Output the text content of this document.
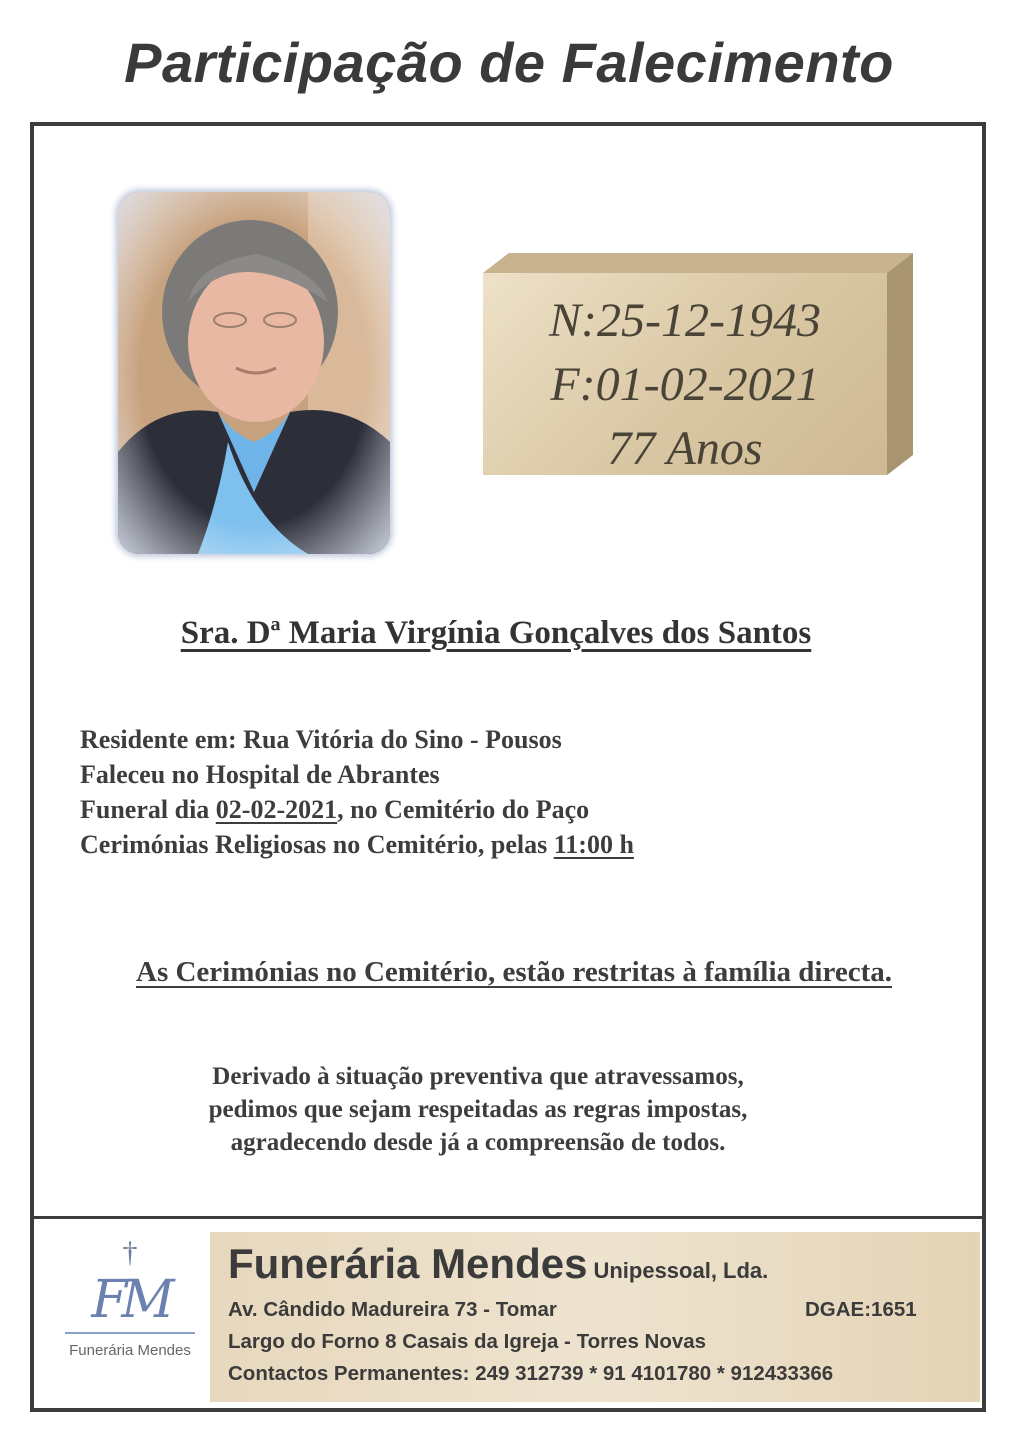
Participação de Falecimento
N:25-12-1943
F:01-02-2021
77 Anos
Sra. Dª Maria Virgínia Gonçalves dos Santos
Residente em: Rua Vitória do Sino - Pousos
Faleceu no Hospital de Abrantes
Funeral dia 02-02-2021, no Cemitério do Paço
Cerimónias Religiosas no Cemitério, pelas 11:00 h
As Cerimónias no Cemitério, estão restritas à família directa.
Derivado à situação preventiva que atravessamos,
pedimos que sejam respeitadas as regras impostas,
agradecendo desde já a compreensão de todos.
†
FM
Funerária Mendes
Funerária Mendes Unipessoal, Lda.
Av. Cândido Madureira 73 - Tomar	DGAE:1651
Largo do Forno 8 Casais da Igreja - Torres Novas
Contactos Permanentes: 249 312739 * 91 4101780 * 912433366
